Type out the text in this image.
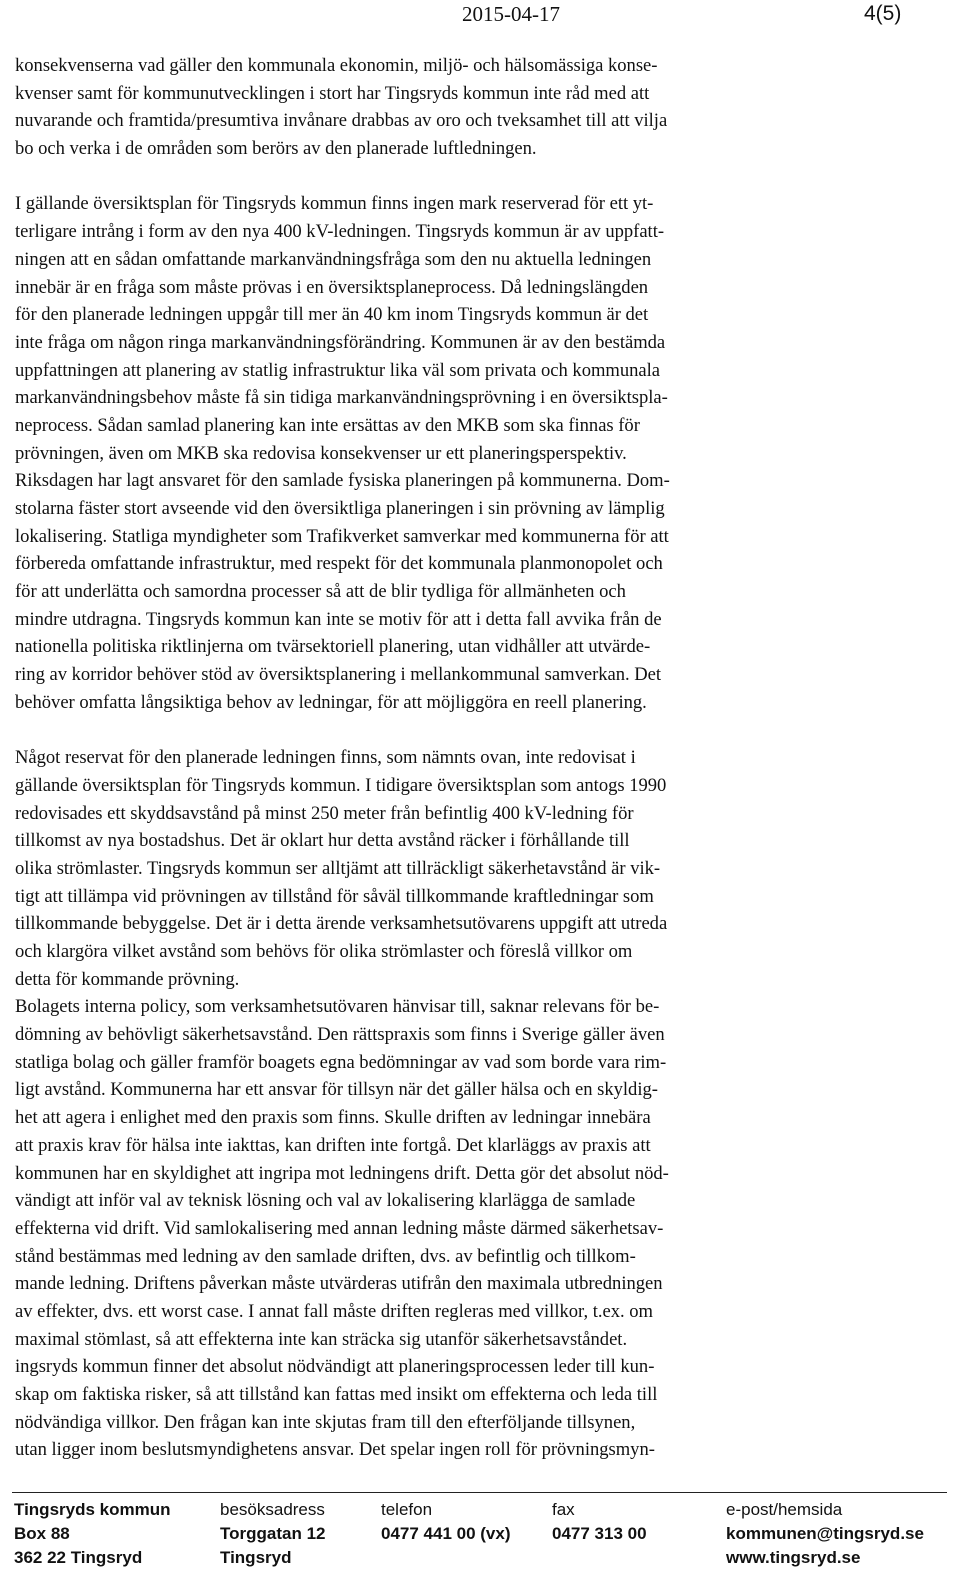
2015-04-17	4(5)
konsekvenserna vad gäller den kommunala ekonomin, miljö- och hälsomässiga konse-
kvenser samt för kommunutvecklingen i stort har Tingsryds kommun inte råd med att
nuvarande och framtida/presumtiva invånare drabbas av oro och tveksamhet till att vilja
bo och verka i de områden som berörs av den planerade luftledningen.
I gällande översiktsplan för Tingsryds kommun finns ingen mark reserverad för ett yt-
terligare intrång i form av den nya 400 kV-ledningen. Tingsryds kommun är av uppfatt-
ningen att en sådan omfattande markanvändningsfråga som den nu aktuella ledningen
innebär är en fråga som måste prövas i en översiktsplaneprocess. Då ledningslängden
för den planerade ledningen uppgår till mer än 40 km inom Tingsryds kommun är det
inte fråga om någon ringa markanvändningsförändring. Kommunen är av den bestämda
uppfattningen att planering av statlig infrastruktur lika väl som privata och kommunala
markanvändningsbehov måste få sin tidiga markanvändningsprövning i en översiktspla-
neprocess. Sådan samlad planering kan inte ersättas av den MKB som ska finnas för
prövningen, även om MKB ska redovisa konsekvenser ur ett planeringsperspektiv.
Riksdagen har lagt ansvaret för den samlade fysiska planeringen på kommunerna. Dom-
stolarna fäster stort avseende vid den översiktliga planeringen i sin prövning av lämplig
lokalisering. Statliga myndigheter som Trafikverket samverkar med kommunerna för att
förbereda omfattande infrastruktur, med respekt för det kommunala planmonopolet och
för att underlätta och samordna processer så att de blir tydliga för allmänheten och
mindre utdragna. Tingsryds kommun kan inte se motiv för att i detta fall avvika från de
nationella politiska riktlinjerna om tvärsektoriell planering, utan vidhåller att utvärde-
ring av korridor behöver stöd av översiktsplanering i mellankommunal samverkan. Det
behöver omfatta långsiktiga behov av ledningar, för att möjliggöra en reell planering.
Något reservat för den planerade ledningen finns, som nämnts ovan, inte redovisat i
gällande översiktsplan för Tingsryds kommun. I tidigare översiktsplan som antogs 1990
redovisades ett skyddsavstånd på minst 250 meter från befintlig 400 kV-ledning för
tillkomst av nya bostadshus. Det är oklart hur detta avstånd räcker i förhållande till
olika strömlaster. Tingsryds kommun ser alltjämt att tillräckligt säkerhetavstånd är vik-
tigt att tillämpa vid prövningen av tillstånd för såväl tillkommande kraftledningar som
tillkommande bebyggelse. Det är i detta ärende verksamhetsutövarens uppgift att utreda
och klargöra vilket avstånd som behövs för olika strömlaster och föreslå villkor om
detta för kommande prövning.
Bolagets interna policy, som verksamhetsutövaren hänvisar till, saknar relevans för be-
dömning av behövligt säkerhetsavstånd. Den rättspraxis som finns i Sverige gäller även
statliga bolag och gäller framför boagets egna bedömningar av vad som borde vara rim-
ligt avstånd. Kommunerna har ett ansvar för tillsyn när det gäller hälsa och en skyldig-
het att agera i enlighet med den praxis som finns. Skulle driften av ledningar innebära
att praxis krav för hälsa inte iakttas, kan driften inte fortgå. Det klarläggs av praxis att
kommunen har en skyldighet att ingripa mot ledningens drift. Detta gör det absolut nöd-
vändigt att inför val av teknisk lösning och val av lokalisering klarlägga de samlade
effekterna vid drift. Vid samlokalisering med annan ledning måste därmed säkerhetsav-
stånd bestämmas med ledning av den samlade driften, dvs. av befintlig och tillkom-
mande ledning. Driftens påverkan måste utvärderas utifrån den maximala utbredningen
av effekter, dvs. ett worst case. I annat fall måste driften regleras med villkor, t.ex. om
maximal stömlast, så att effekterna inte kan sträcka sig utanför säkerhetsavståndet.
ingsryds kommun finner det absolut nödvändigt att planeringsprocessen leder till kun-
skap om faktiska risker, så att tillstånd kan fattas med insikt om effekterna och leda till
nödvändiga villkor. Den frågan kan inte skjutas fram till den efterföljande tillsynen,
utan ligger inom beslutsmyndighetens ansvar. Det spelar ingen roll för prövningsmyn-
Tingsryds kommun
Box 88
362 22 Tingsryd
besöksadress
Torggatan 12
Tingsryd
telefon
0477 441 00 (vx)
fax
0477 313 00
e-post/hemsida
kommunen@tingsryd.se
www.tingsryd.se
